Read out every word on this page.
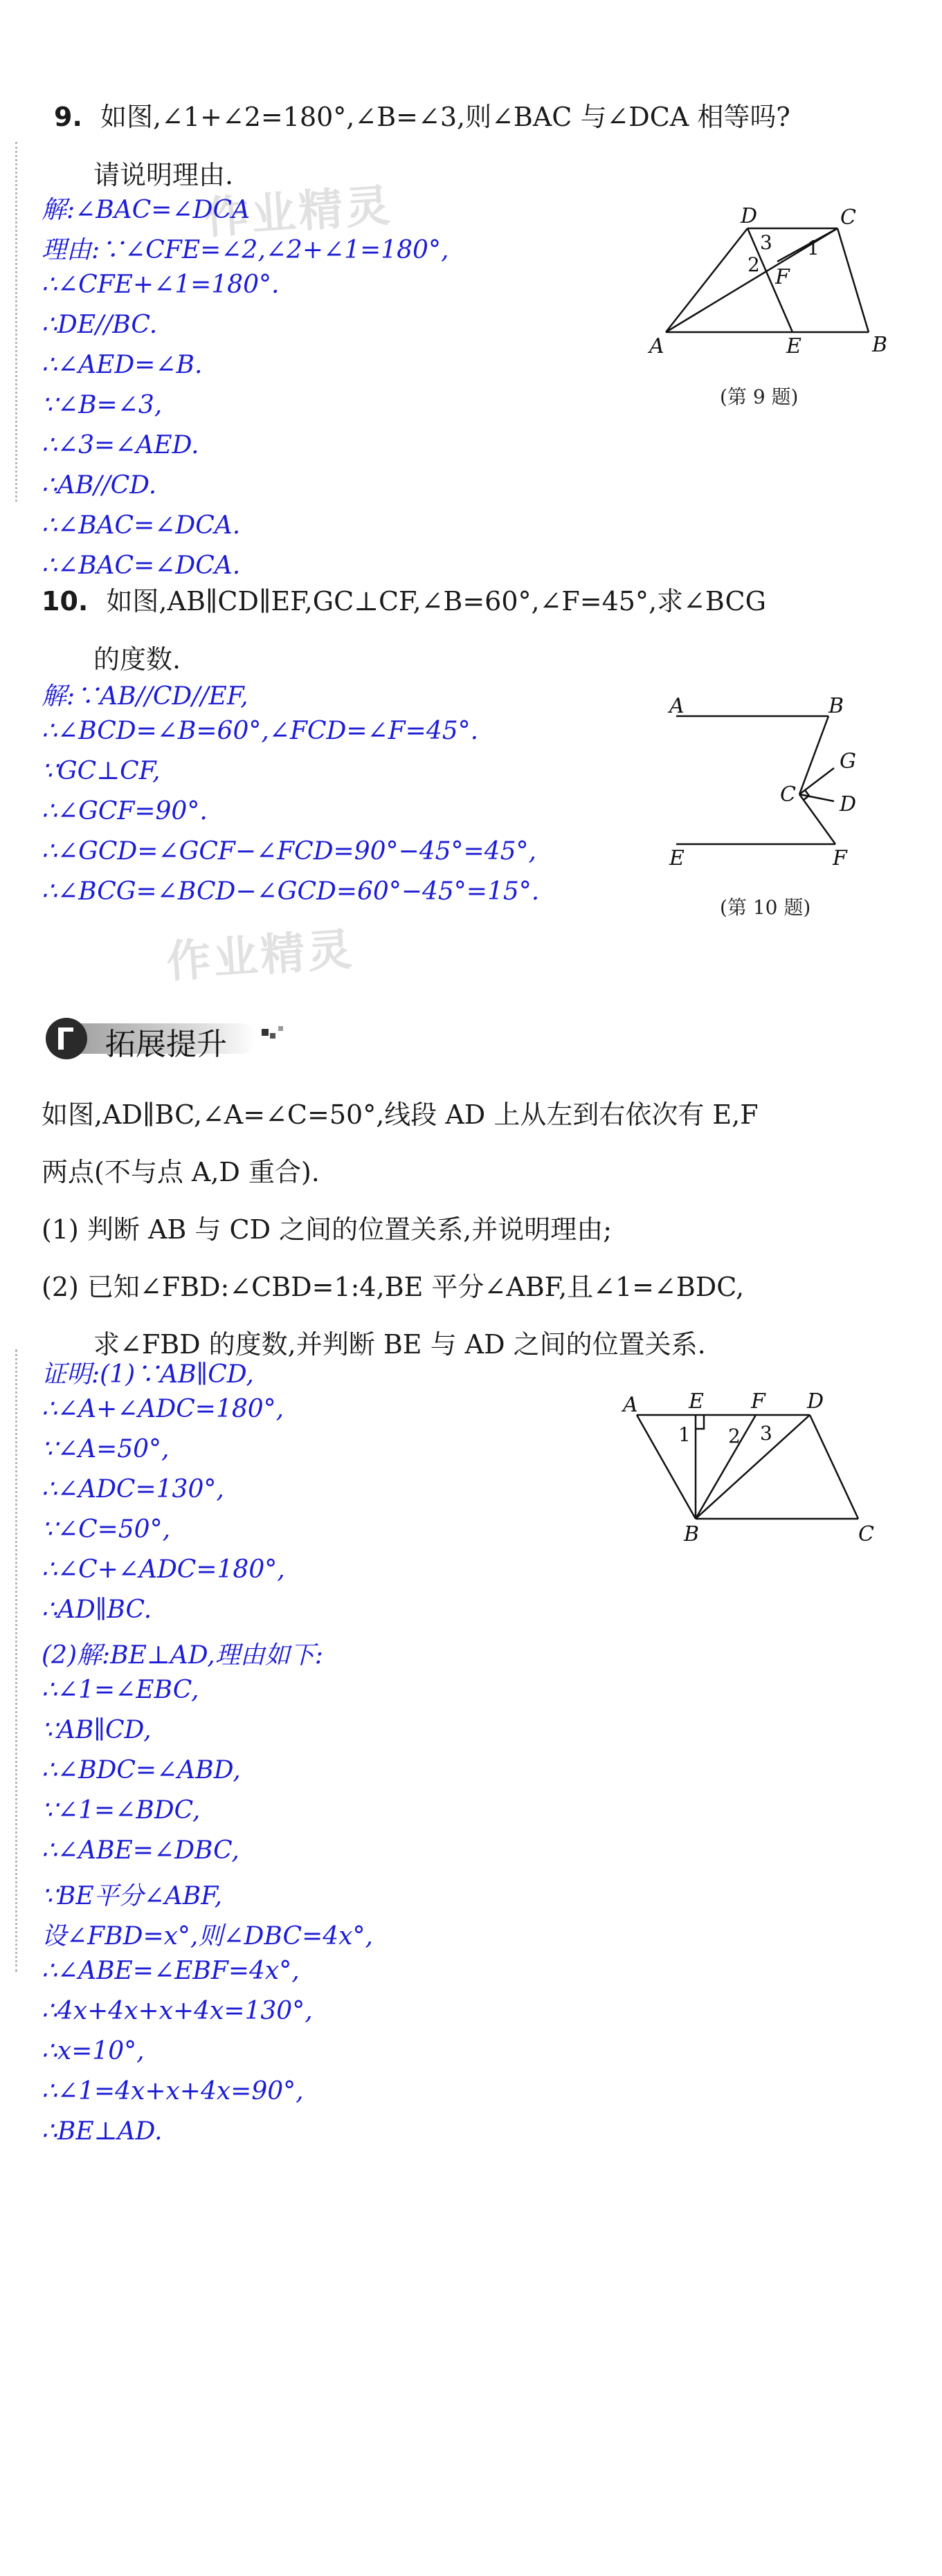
作业精灵
作业精灵
9. 如图,∠1+∠2=180°,∠B=∠3,则∠BAC 与∠DCA 相等吗?
请说明理由.
解:∠BAC=∠DCA
理由:∵∠CFE=∠2,∠2+∠1=180°,
∴∠CFE+∠1=180°.
∴DE//BC.
∴∠AED=∠B.
∵∠B=∠3,
∴∠3=∠AED.
∴AB//CD.
∴∠BAC=∠DCA.
∴∠BAC=∠DCA.
D	C
3 1
2
F
A	E	B
(第 9 题)
10. 如图,AB∥CD∥EF,GC⊥CF,∠B=60°,∠F=45°,求∠BCG
的度数.
解:∵AB//CD//EF,
∴∠BCD=∠B=60°,∠FCD=∠F=45°.
∵GC⊥CF,
∴∠GCF=90°.
∴∠GCD=∠GCF−∠FCD=90°−45°=45°,
∴∠BCG=∠BCD−∠GCD=60°−45°=15°.
A	B
G
C D
E	F
(第 10 题)
拓展提升
如图,AD∥BC,∠A=∠C=50°,线段 AD 上从左到右依次有 E,F
两点(不与点 A,D 重合).
(1) 判断 AB 与 CD 之间的位置关系,并说明理由;
(2) 已知∠FBD:∠CBD=1:4,BE 平分∠ABF,且∠1=∠BDC,
求∠FBD 的度数,并判断 BE 与 AD 之间的位置关系.
证明:(1)∵AB∥CD,
∴∠A+∠ADC=180°,
∵∠A=50°,
∴∠ADC=130°,
∵∠C=50°,
∴∠C+∠ADC=180°,
∴AD∥BC.
(2)解:BE⊥AD,理由如下:
∴∠1=∠EBC,
∵AB∥CD,
∴∠BDC=∠ABD,
∵∠1=∠BDC,
∴∠ABE=∠DBC,
∵BE平分∠ABF,
设∠FBD=x°,则∠DBC=4x°,
∴∠ABE=∠EBF=4x°,
∴4x+4x+x+4x=130°,
∴x=10°,
∴∠1=4x+x+4x=90°,
∴BE⊥AD.
A E F D
1 2 3
B	C
